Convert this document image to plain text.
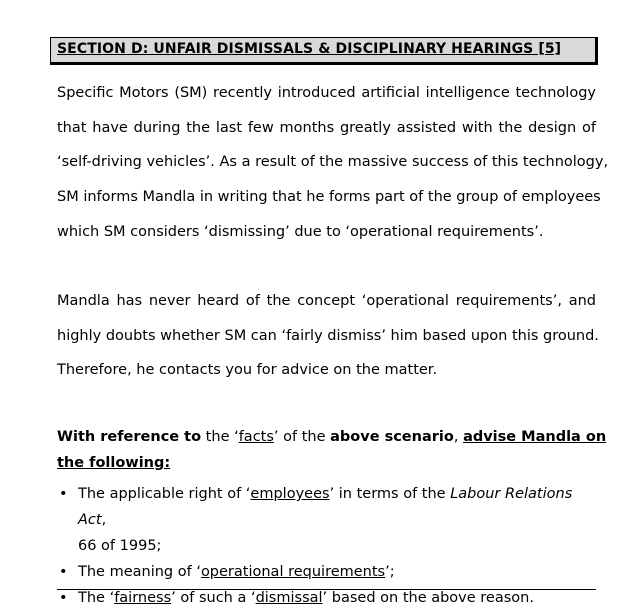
SECTION D: UNFAIR DISMISSALS & DISCIPLINARY HEARINGS [5]
Specific Motors (SM) recently introduced artificial intelligence technology
that have during the last few months greatly assisted with the design of
‘self-driving vehicles’. As a result of the massive success of this technology,
SM informs Mandla in writing that he forms part of the group of employees
which SM considers ‘dismissing’ due to ‘operational requirements’.
Mandla has never heard of the concept ‘operational requirements’, and
highly doubts whether SM can ‘fairly dismiss’ him based upon this ground.
Therefore, he contacts you for advice on the matter.
With reference to the ‘facts’ of the above scenario, advise Mandla on
the following:
• The applicable right of ‘employees’ in terms of the Labour Relations Act,
66 of 1995;
• The meaning of ‘operational requirements’;
• The ‘fairness’ of such a ‘dismissal’ based on the above reason.
